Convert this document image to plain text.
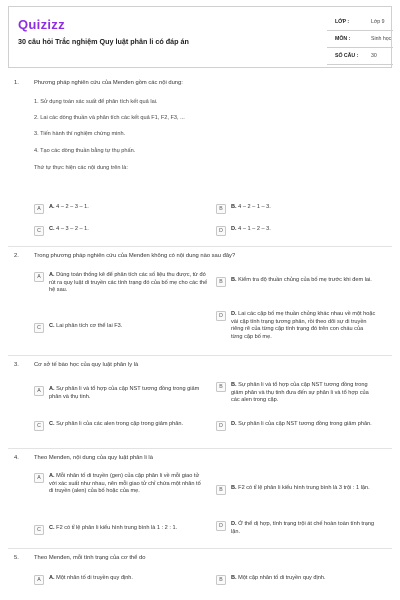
Quizizz
30 câu hỏi Trắc nghiệm Quy luật phân li có đáp án
LỚP :	Lớp 9
MÔN :	Sinh học
SỐ CÂU : 30
1.	Phương pháp nghiên cứu của Menđen gồm các nội dung:
1. Sử dụng toán xác suất để phân tích kết quả lai.
2. Lai các dòng thuần và phân tích các kết quả F1, F2, F3, ...
3. Tiến hành thí nghiệm chứng minh.
4. Tạo các dòng thuần bằng tự thụ phấn.
Thứ tự thực hiện các nội dung trên là:
A	A. 4 – 2 – 3 – 1.	B	B. 4 – 2 – 1 – 3.
C	C. 4 – 3 – 2 – 1.	D	D. 4 – 1 – 2 – 3.
2.	Trong phương pháp nghiên cứu của Menđen không có nội dung nào sau đây?
A	A. Dùng toán thống kê để phân tích các số liệu thu được, từ đó rút ra quy luật di truyền các tính trạng đó của bố mẹ cho các thế hệ sau.
B	B. Kiểm tra độ thuần chủng của bố mẹ trước khi đem lai.
C	C. Lai phân tích cơ thể lai F3.
D	D. Lai các cặp bố mẹ thuần chủng khác nhau về một hoặc vài cặp tính trạng tương phản, rồi theo dõi sự di truyền riêng rẽ của từng cặp tính trạng đó trên con cháu của từng cặp bố mẹ.
3.	Cơ sở tế bào học của quy luật phân ly là
A	A. Sự phân li và tổ hợp của cặp NST tương đồng trong giảm phân và thụ tinh.
B	B. Sự phân li và tổ hợp của cặp NST tương đồng trong giảm phân và thụ tinh đưa đến sự phân li và tổ hợp của các alen trong cặp.
C	C. Sự phân li của các alen trong cặp trong giảm phân.	D	D. Sự phân li của cặp NST tương đồng trong giảm phân.
4.	Theo Menđen, nội dung của quy luật phân li là
A	A. Mỗi nhân tố di truyền (gen) của cặp phân li về mỗi giao tử với xác suất như nhau, nên mỗi giao tử chỉ chứa một nhân tố di truyền (alen) của bố hoặc của mẹ.	B	B. F2 có tỉ lệ phân li kiểu hình trung bình là 3 trội : 1 lặn.
C	C. F2 có tỉ lệ phân li kiểu hình trung bình là 1 : 2 : 1.	D	D. Ở thể dị hợp, tính trạng trội át chế hoàn toàn tính trạng lặn.
5.	Theo Menđen, mỗi tính trạng của cơ thể do
A	A. Một nhân tố di truyền quy định.	B	B. Một cặp nhân tố di truyền quy định.
